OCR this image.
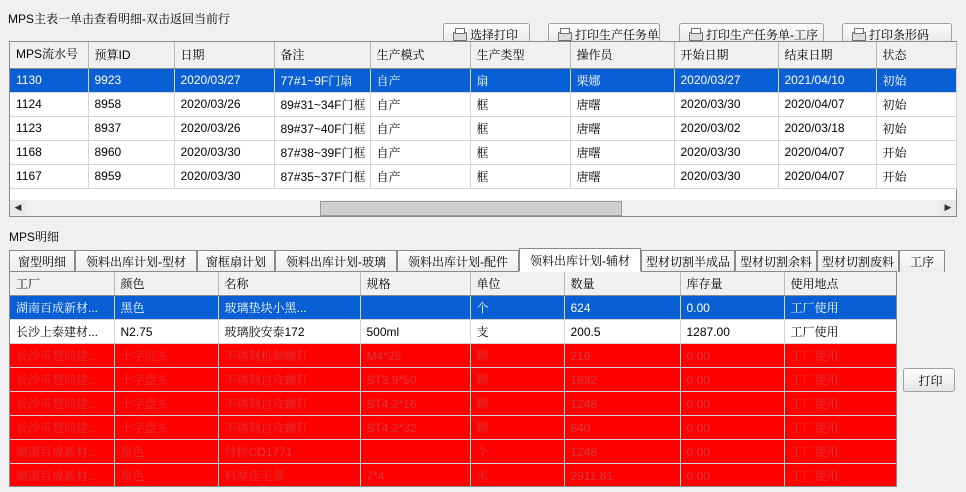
MPS主表一单击查看明细-双击返回当前行
选择打印	打印生产任务单	打印生产任务单-工序	打印条形码
MPS流水号	预算ID	日期	备注	生产模式	生产类型	操作员	开始日期	结束日期	状态
1130	9923	2020/03/27	77#1~9F门扇	自产	扇	栗娜	2020/03/27	2021/04/10	初始
1124	8958	2020/03/26	89#31~34F门框	自产	框	唐曙	2020/03/30	2020/04/07	初始
1123	8937	2020/03/26	89#37~40F门框	自产	框	唐曙	2020/03/02	2020/03/18	初始
1168	8960	2020/03/30	87#38~39F门框	自产	框	唐曙	2020/03/30	2020/04/07	开始
1167	8959	2020/03/30	87#35~37F门框	自产	框	唐曙	2020/03/30	2020/04/07	开始
◀	▶
MPS明细
窗型明细 领料出库计划-型材 窗框扇计划 领料出库计划-玻璃 领料出库计划-配件 领料出库计划-辅材 型材切割半成品 型材切割余料 型材切割废料 工序
工厂	颜色	名称	规格	单位	数量	库存量	使用地点
湖南百成新材...	黑色	玻璃垫块小黑...		个	624	0.00	工厂使用
长沙上泰建材...	N2.75	玻璃胶安泰172	500ml	支	200.5	1287.00	工厂使用
长沙市慧尚建...	十字沉头	不锈钢机制螺钉	M4*25	颗	216	0.00	工厂使用
长沙市慧尚建...	十字盘头	不锈钢自攻螺钉	ST3.9*50	颗	1632	0.00	工厂使用
长沙市慧尚建...	十字盘头	不锈钢自攻螺钉	ST4.2*16	颗	1248	0.00	工厂使用
长沙市慧尚建...	十字盘头	不锈钢自攻螺钉	ST4.2*32	颗	840	0.00	工厂使用
湖南百成新材...	原色	付转CD1771		个	1248	0.00	工厂使用
湖南百成新材...	原色	料厚佳毛条	7*4	米	2911.81	0.00	工厂使用
打印
